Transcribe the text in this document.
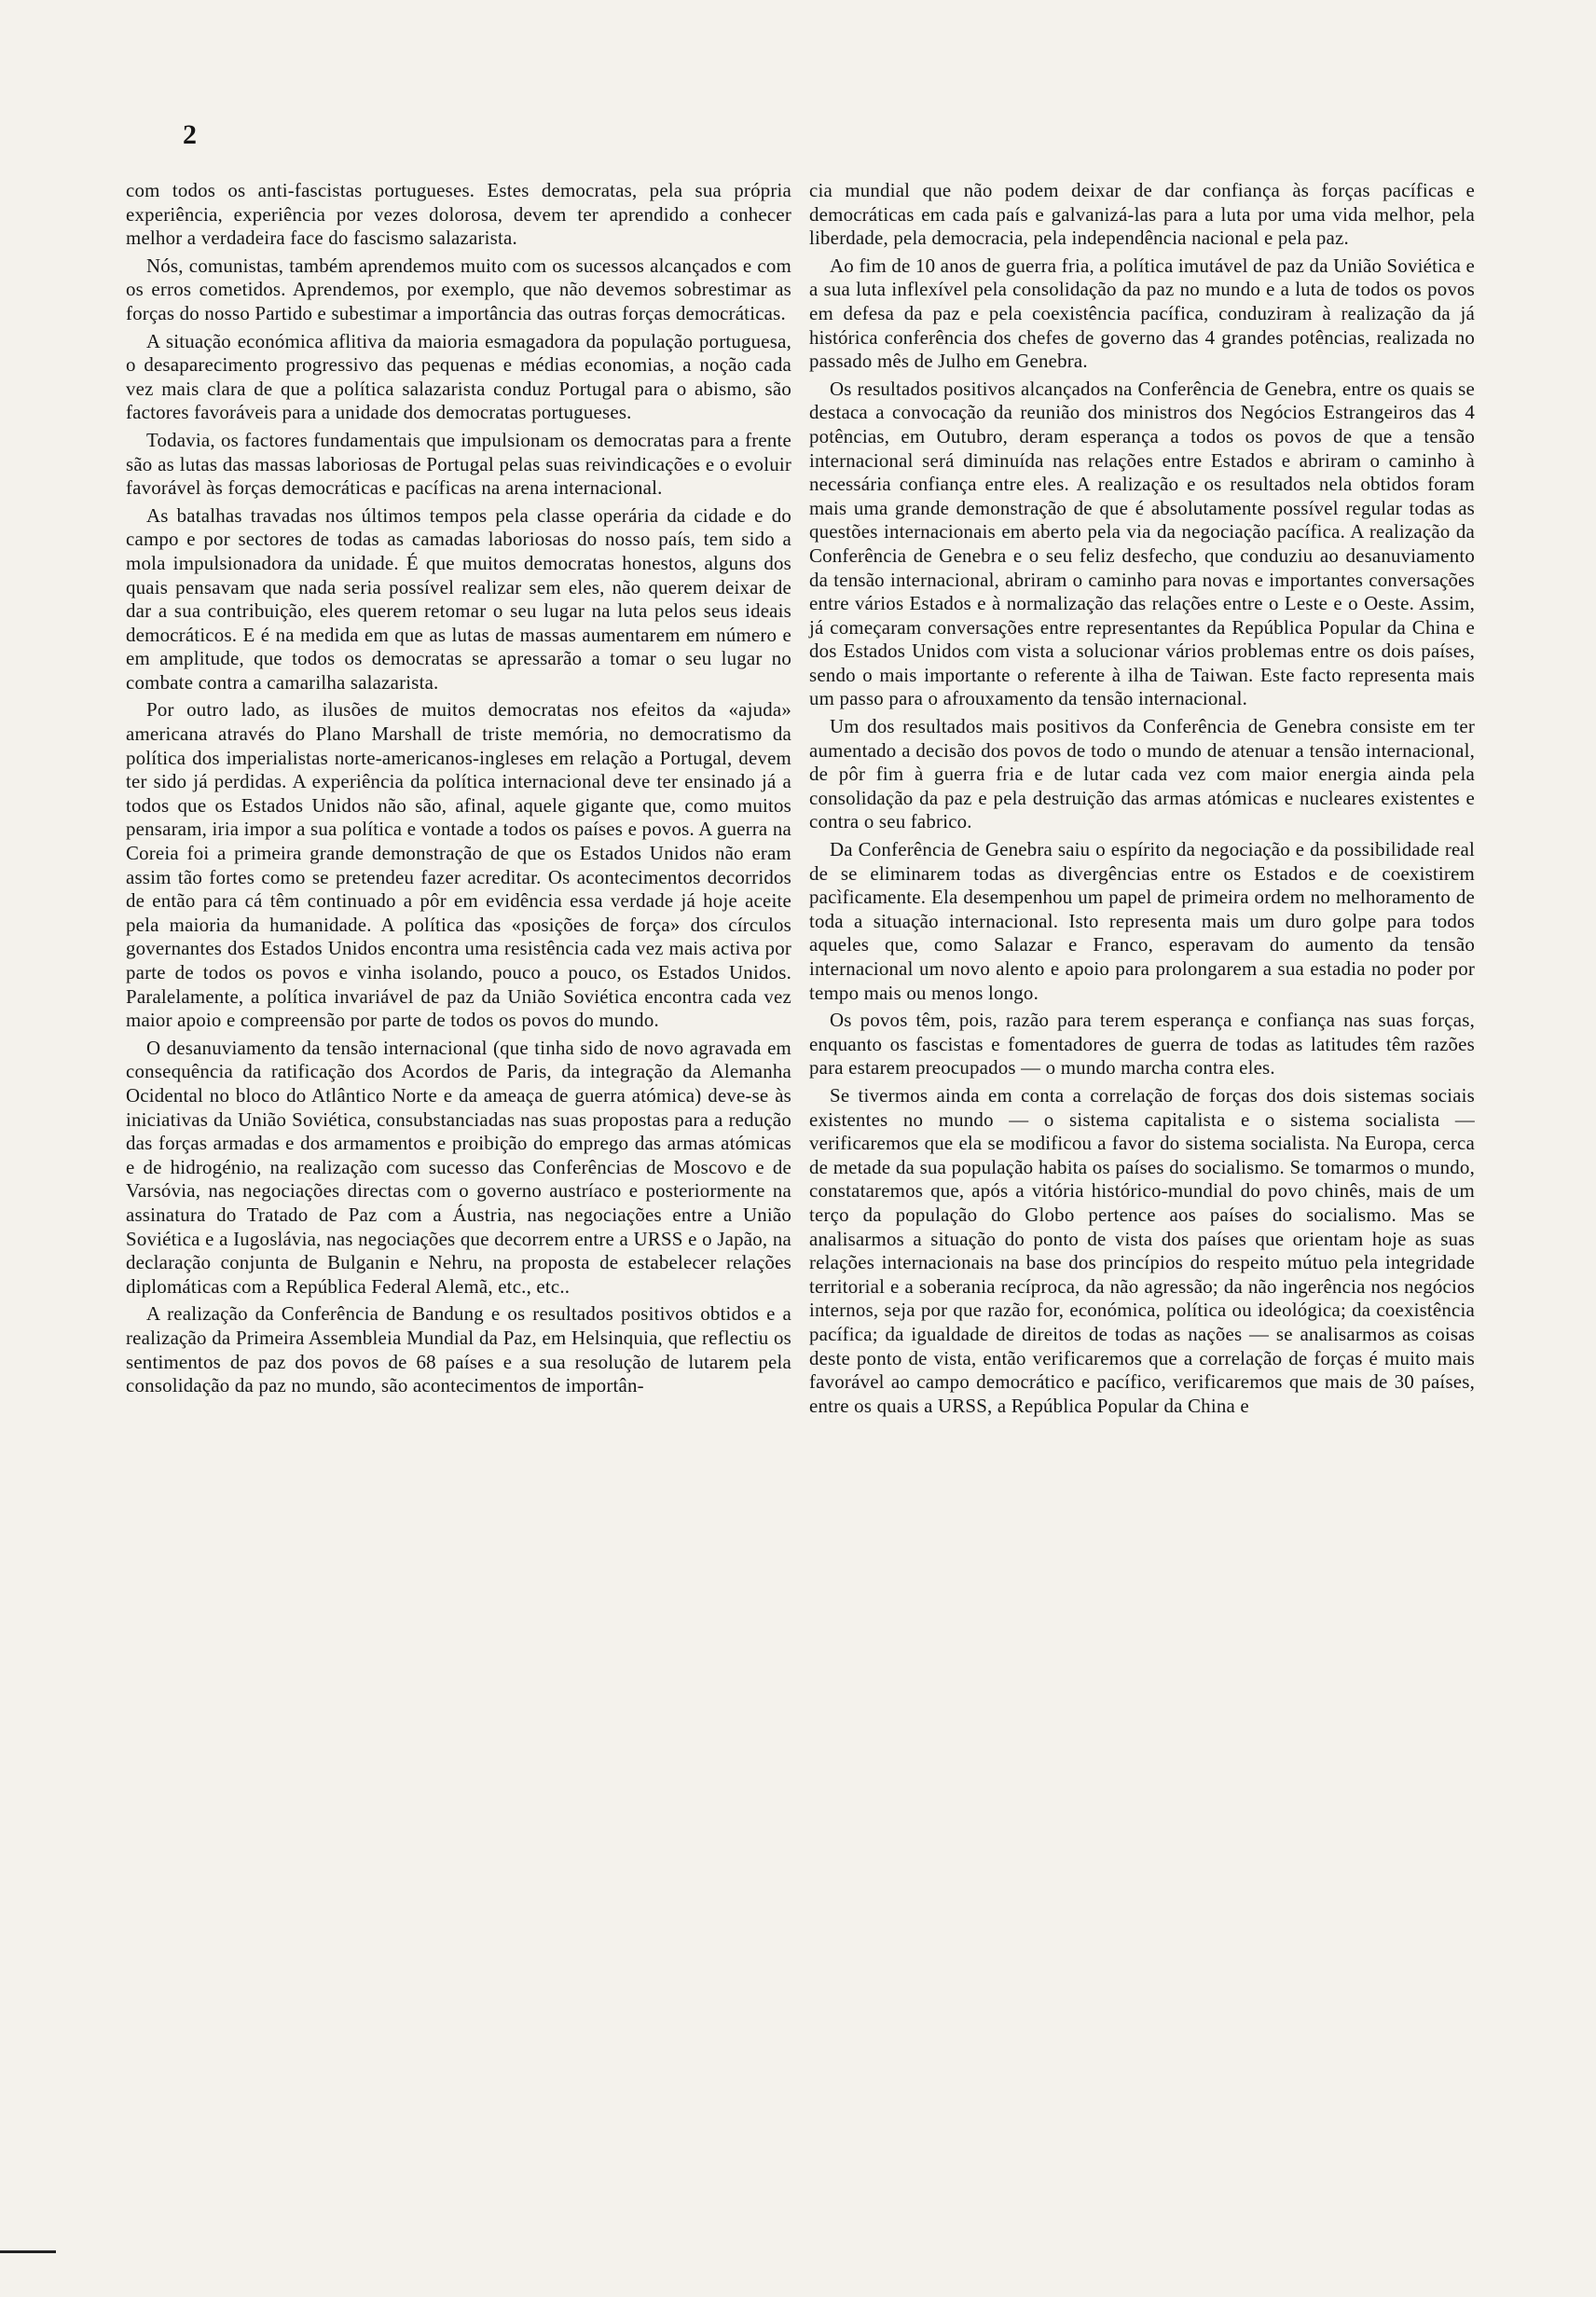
2

com todos os anti-fascistas portugueses. Estes democratas, pela sua própria experiência, experiência por vezes dolorosa, devem ter aprendido a conhecer melhor a verdadeira face do fascismo salazarista.

Nós, comunistas, também aprendemos muito com os sucessos alcançados e com os erros cometidos. Aprendemos, por exemplo, que não devemos sobrestimar as forças do nosso Partido e subestimar a importância das outras forças democráticas.

A situação económica aflitiva da maioria esmagadora da população portuguesa, o desaparecimento progressivo das pequenas e médias economias, a noção cada vez mais clara de que a política salazarista conduz Portugal para o abismo, são factores favoráveis para a unidade dos democratas portugueses.

Todavia, os factores fundamentais que impulsionam os democratas para a frente são as lutas das massas laboriosas de Portugal pelas suas reivindicações e o evoluir favorável às forças democráticas e pacíficas na arena internacional.

As batalhas travadas nos últimos tempos pela classe operária da cidade e do campo e por sectores de todas as camadas laboriosas do nosso país, tem sido a mola impulsionadora da unidade. É que muitos democratas honestos, alguns dos quais pensavam que nada seria possível realizar sem eles, não querem deixar de dar a sua contribuição, eles querem retomar o seu lugar na luta pelos seus ideais democráticos. E é na medida em que as lutas de massas aumentarem em número e em amplitude, que todos os democratas se apressarão a tomar o seu lugar no combate contra a camarilha salazarista.

Por outro lado, as ilusões de muitos democratas nos efeitos da «ajuda» americana através do Plano Marshall de triste memória, no democratismo da política dos imperialistas norte-americanos-ingleses em relação a Portugal, devem ter sido já perdidas. A experiência da política internacional deve ter ensinado já a todos que os Estados Unidos não são, afinal, aquele gigante que, como muitos pensaram, iria impor a sua política e vontade a todos os países e povos. A guerra na Coreia foi a primeira grande demonstração de que os Estados Unidos não eram assim tão fortes como se pretendeu fazer acreditar. Os acontecimentos decorridos de então para cá têm continuado a pôr em evidência essa verdade já hoje aceite pela maioria da humanidade. A política das «posições de força» dos círculos governantes dos Estados Unidos encontra uma resistência cada vez mais activa por parte de todos os povos e vinha isolando, pouco a pouco, os Estados Unidos. Paralelamente, a política invariável de paz da União Soviética encontra cada vez maior apoio e compreensão por parte de todos os povos do mundo.

O desanuviamento da tensão internacional (que tinha sido de novo agravada em consequência da ratificação dos Acordos de Paris, da integração da Alemanha Ocidental no bloco do Atlântico Norte e da ameaça de guerra atómica) deve-se às iniciativas da União Soviética, consubstanciadas nas suas propostas para a redução das forças armadas e dos armamentos e proibição do emprego das armas atómicas e de hidrogénio, na realização com sucesso das Conferências de Moscovo e de Varsóvia, nas negociações directas com o governo austríaco e posteriormente na assinatura do Tratado de Paz com a Áustria, nas negociações entre a União Soviética e a Iugoslávia, nas negociações que decorrem entre a URSS e o Japão, na declaração conjunta de Bulganin e Nehru, na proposta de estabelecer relações diplomáticas com a República Federal Alemã, etc., etc..

A realização da Conferência de Bandung e os resultados positivos obtidos e a realização da Primeira Assembleia Mundial da Paz, em Helsinquia, que reflectiu os sentimentos de paz dos povos de 68 países e a sua resolução de lutarem pela consolidação da paz no mundo, são acontecimentos de importân-

cia mundial que não podem deixar de dar confiança às forças pacíficas e democráticas em cada país e galvanizá-las para a luta por uma vida melhor, pela liberdade, pela democracia, pela independência nacional e pela paz.

Ao fim de 10 anos de guerra fria, a política imutável de paz da União Soviética e a sua luta inflexível pela consolidação da paz no mundo e a luta de todos os povos em defesa da paz e pela coexistência pacífica, conduziram à realização da já histórica conferência dos chefes de governo das 4 grandes potências, realizada no passado mês de Julho em Genebra.

Os resultados positivos alcançados na Conferência de Genebra, entre os quais se destaca a convocação da reunião dos ministros dos Negócios Estrangeiros das 4 potências, em Outubro, deram esperança a todos os povos de que a tensão internacional será diminuída nas relações entre Estados e abriram o caminho à necessária confiança entre eles. A realização e os resultados nela obtidos foram mais uma grande demonstração de que é absolutamente possível regular todas as questões internacionais em aberto pela via da negociação pacífica. A realização da Conferência de Genebra e o seu feliz desfecho, que conduziu ao desanuviamento da tensão internacional, abriram o caminho para novas e importantes conversações entre vários Estados e à normalização das relações entre o Leste e o Oeste. Assim, já começaram conversações entre representantes da República Popular da China e dos Estados Unidos com vista a solucionar vários problemas entre os dois países, sendo o mais importante o referente à ilha de Taiwan. Este facto representa mais um passo para o afrouxamento da tensão internacional.

Um dos resultados mais positivos da Conferência de Genebra consiste em ter aumentado a decisão dos povos de todo o mundo de atenuar a tensão internacional, de pôr fim à guerra fria e de lutar cada vez com maior energia ainda pela consolidação da paz e pela destruição das armas atómicas e nucleares existentes e contra o seu fabrico.

Da Conferência de Genebra saiu o espírito da negociação e da possibilidade real de se eliminarem todas as divergências entre os Estados e de coexistirem pacìficamente. Ela desempenhou um papel de primeira ordem no melhoramento de toda a situação internacional. Isto representa mais um duro golpe para todos aqueles que, como Salazar e Franco, esperavam do aumento da tensão internacional um novo alento e apoio para prolongarem a sua estadia no poder por tempo mais ou menos longo.

Os povos têm, pois, razão para terem esperança e confiança nas suas forças, enquanto os fascistas e fomentadores de guerra de todas as latitudes têm razões para estarem preocupados — o mundo marcha contra eles.

Se tivermos ainda em conta a correlação de forças dos dois sistemas sociais existentes no mundo — o sistema capitalista e o sistema socialista — verificaremos que ela se modificou a favor do sistema socialista. Na Europa, cerca de metade da sua população habita os países do socialismo. Se tomarmos o mundo, constataremos que, após a vitória histórico-mundial do povo chinês, mais de um terço da população do Globo pertence aos países do socialismo. Mas se analisarmos a situação do ponto de vista dos países que orientam hoje as suas relações internacionais na base dos princípios do respeito mútuo pela integridade territorial e a soberania recíproca, da não agressão; da não ingerência nos negócios internos, seja por que razão for, económica, política ou ideológica; da coexistência pacífica; da igualdade de direitos de todas as nações — se analisarmos as coisas deste ponto de vista, então verificaremos que a correlação de forças é muito mais favorável ao campo democrático e pacífico, verificaremos que mais de 30 países, entre os quais a URSS, a República Popular da China e
